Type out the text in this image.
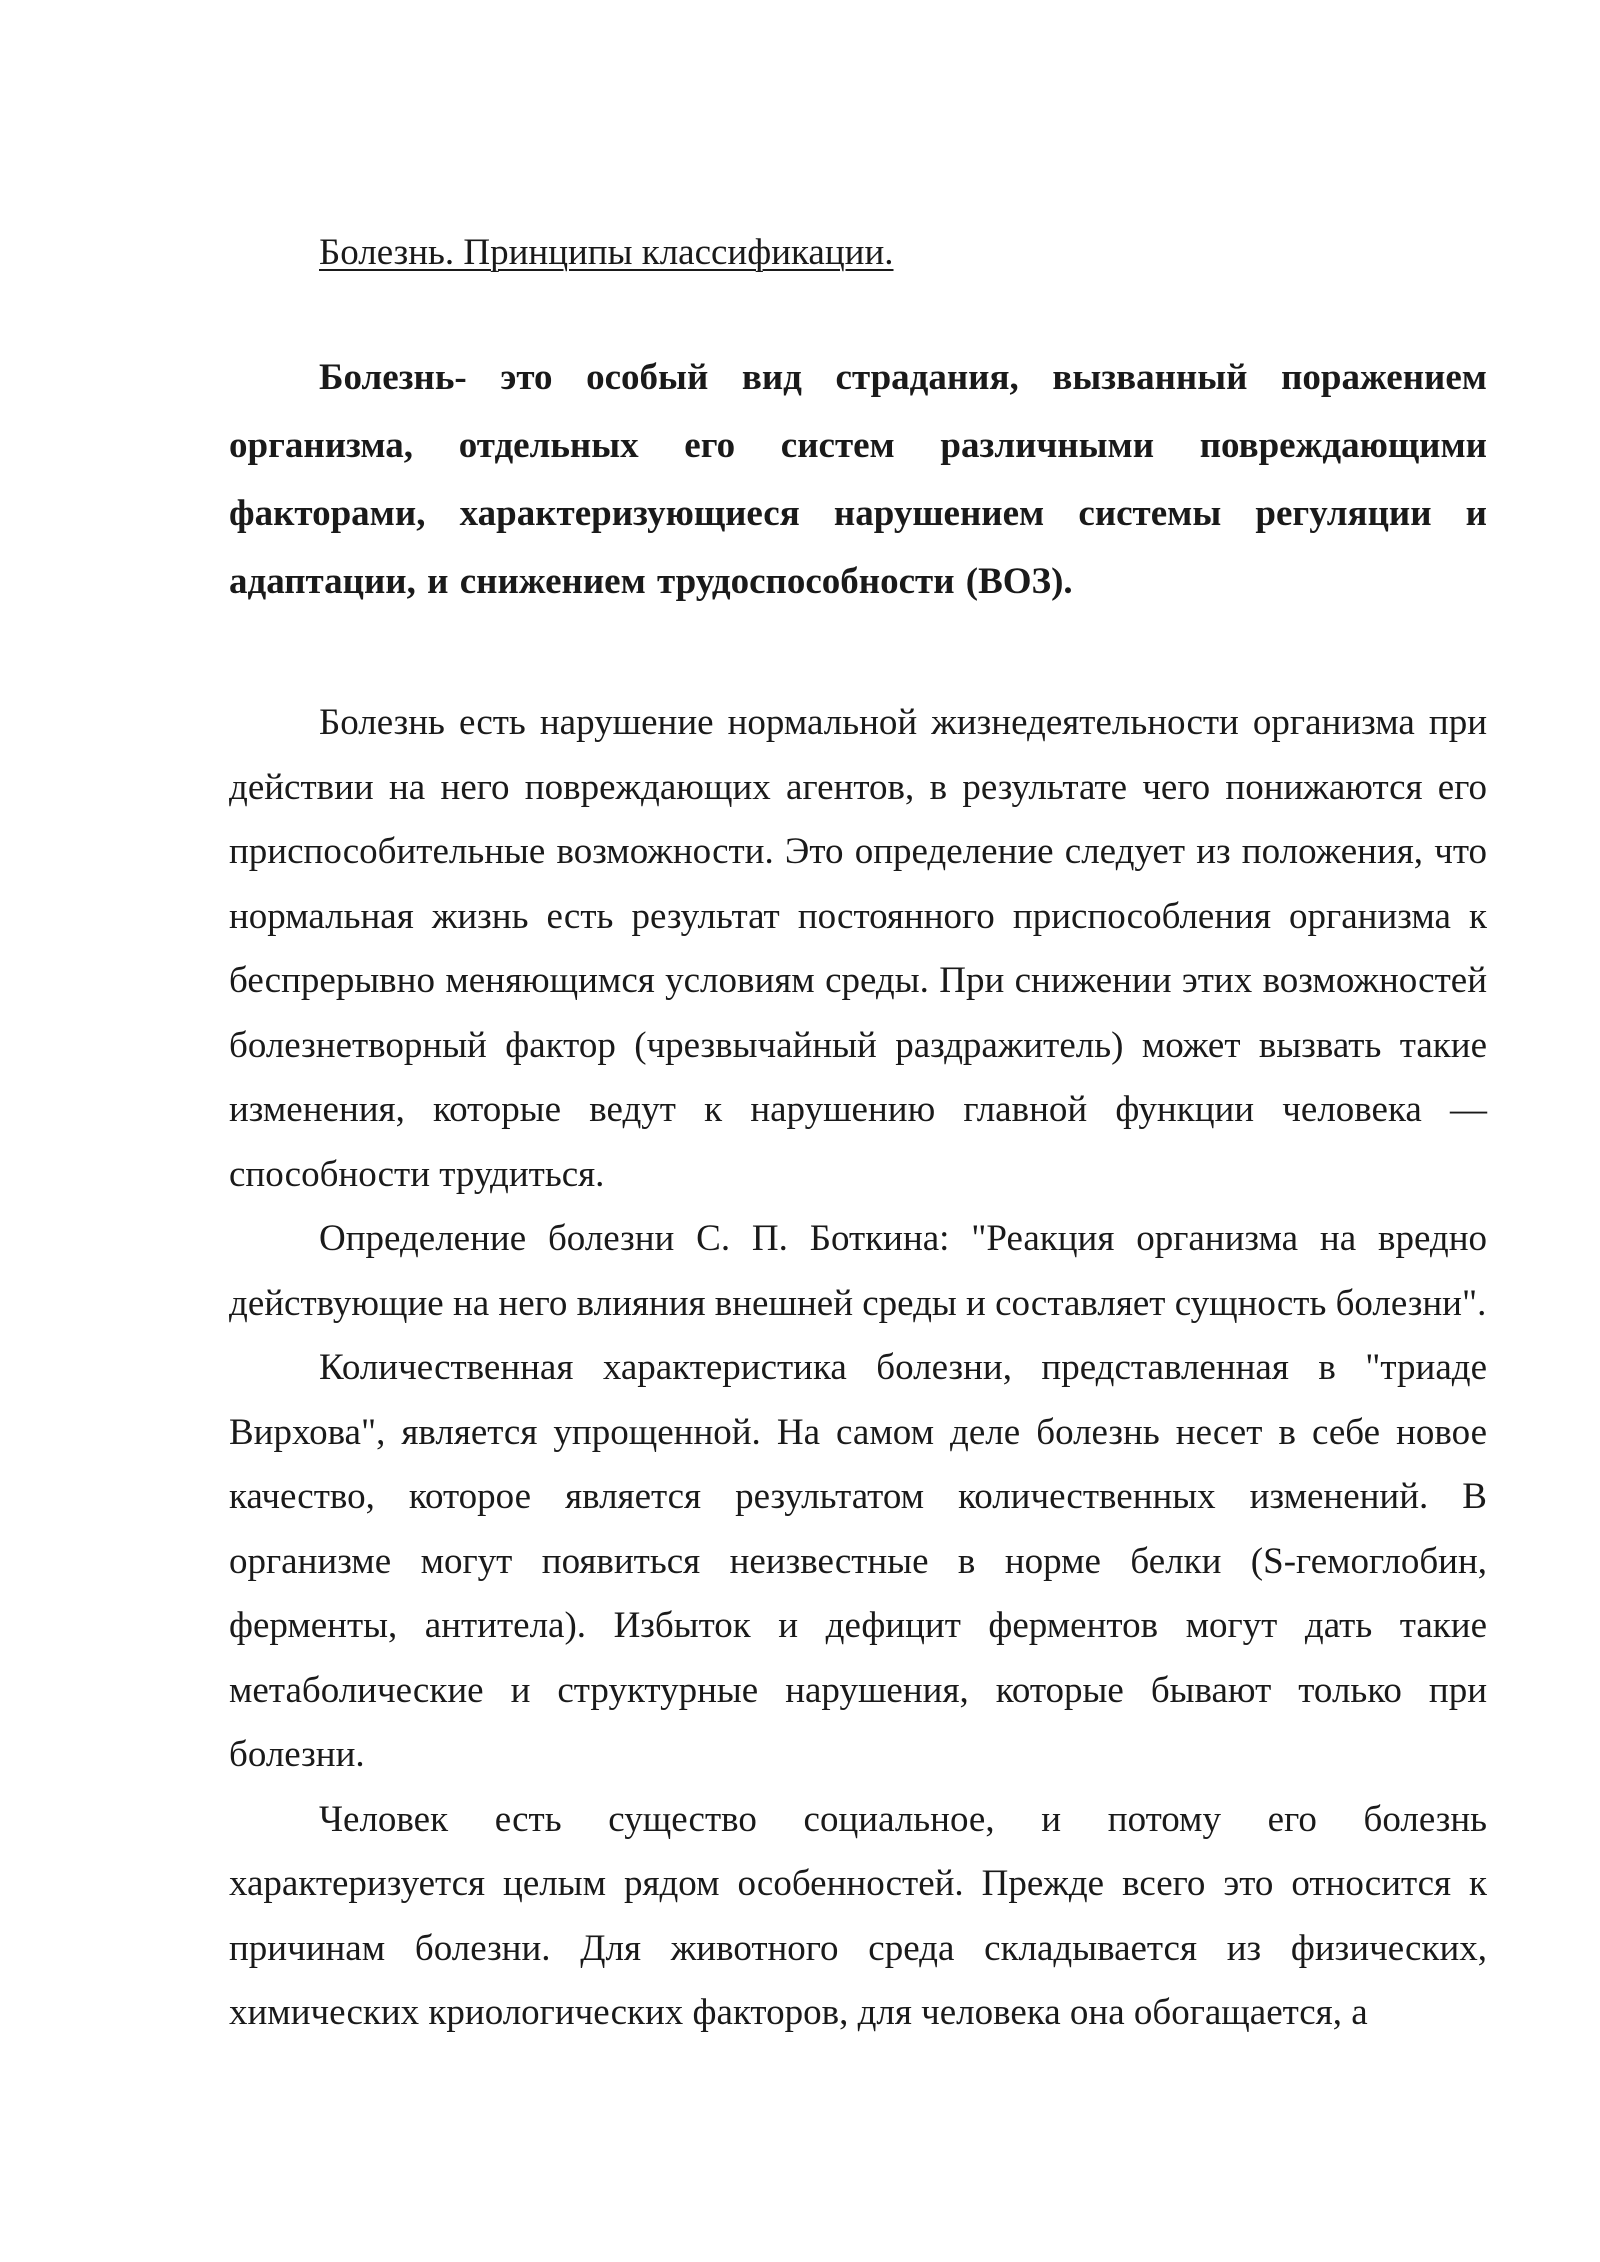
Болезнь. Принципы классификации.

Болезнь- это особый вид страдания, вызванный поражением организма, отдельных его систем различными повреждающими факторами, характеризующиеся нарушением системы регуляции и адаптации, и снижением трудоспособности (ВОЗ).

Болезнь есть нарушение нормальной жизнедеятельности организма при действии на него повреждающих агентов, в результате чего понижаются его приспособительные возможности. Это определение следует из положения, что нормальная жизнь есть результат постоянного приспособления организма к беспрерывно меняющимся условиям среды. При снижении этих возможностей болезнетворный фактор (чрезвычайный раздражитель) может вызвать такие изменения, которые ведут к нарушению главной функции человека — способности трудиться.

Определение болезни С. П. Боткина: "Реакция организма на вредно действующие на него влияния внешней среды и составляет сущность болезни".

Количественная характеристика болезни, представленная в "триаде Вирхова", является упрощенной. На самом деле болезнь несет в себе новое качество, которое является результатом количественных изменений. В организме могут появиться неизвестные в норме белки (S-гемоглобин, ферменты, антитела). Избыток и дефицит ферментов могут дать такие метаболические и структурные нарушения, которые бывают только при болезни.

Человек есть существо социальное, и потому его болезнь характеризуется целым рядом особенностей. Прежде всего это относится к причинам болезни. Для животного среда складывается из физических, химических криологических факторов, для человека она обогащается, а
